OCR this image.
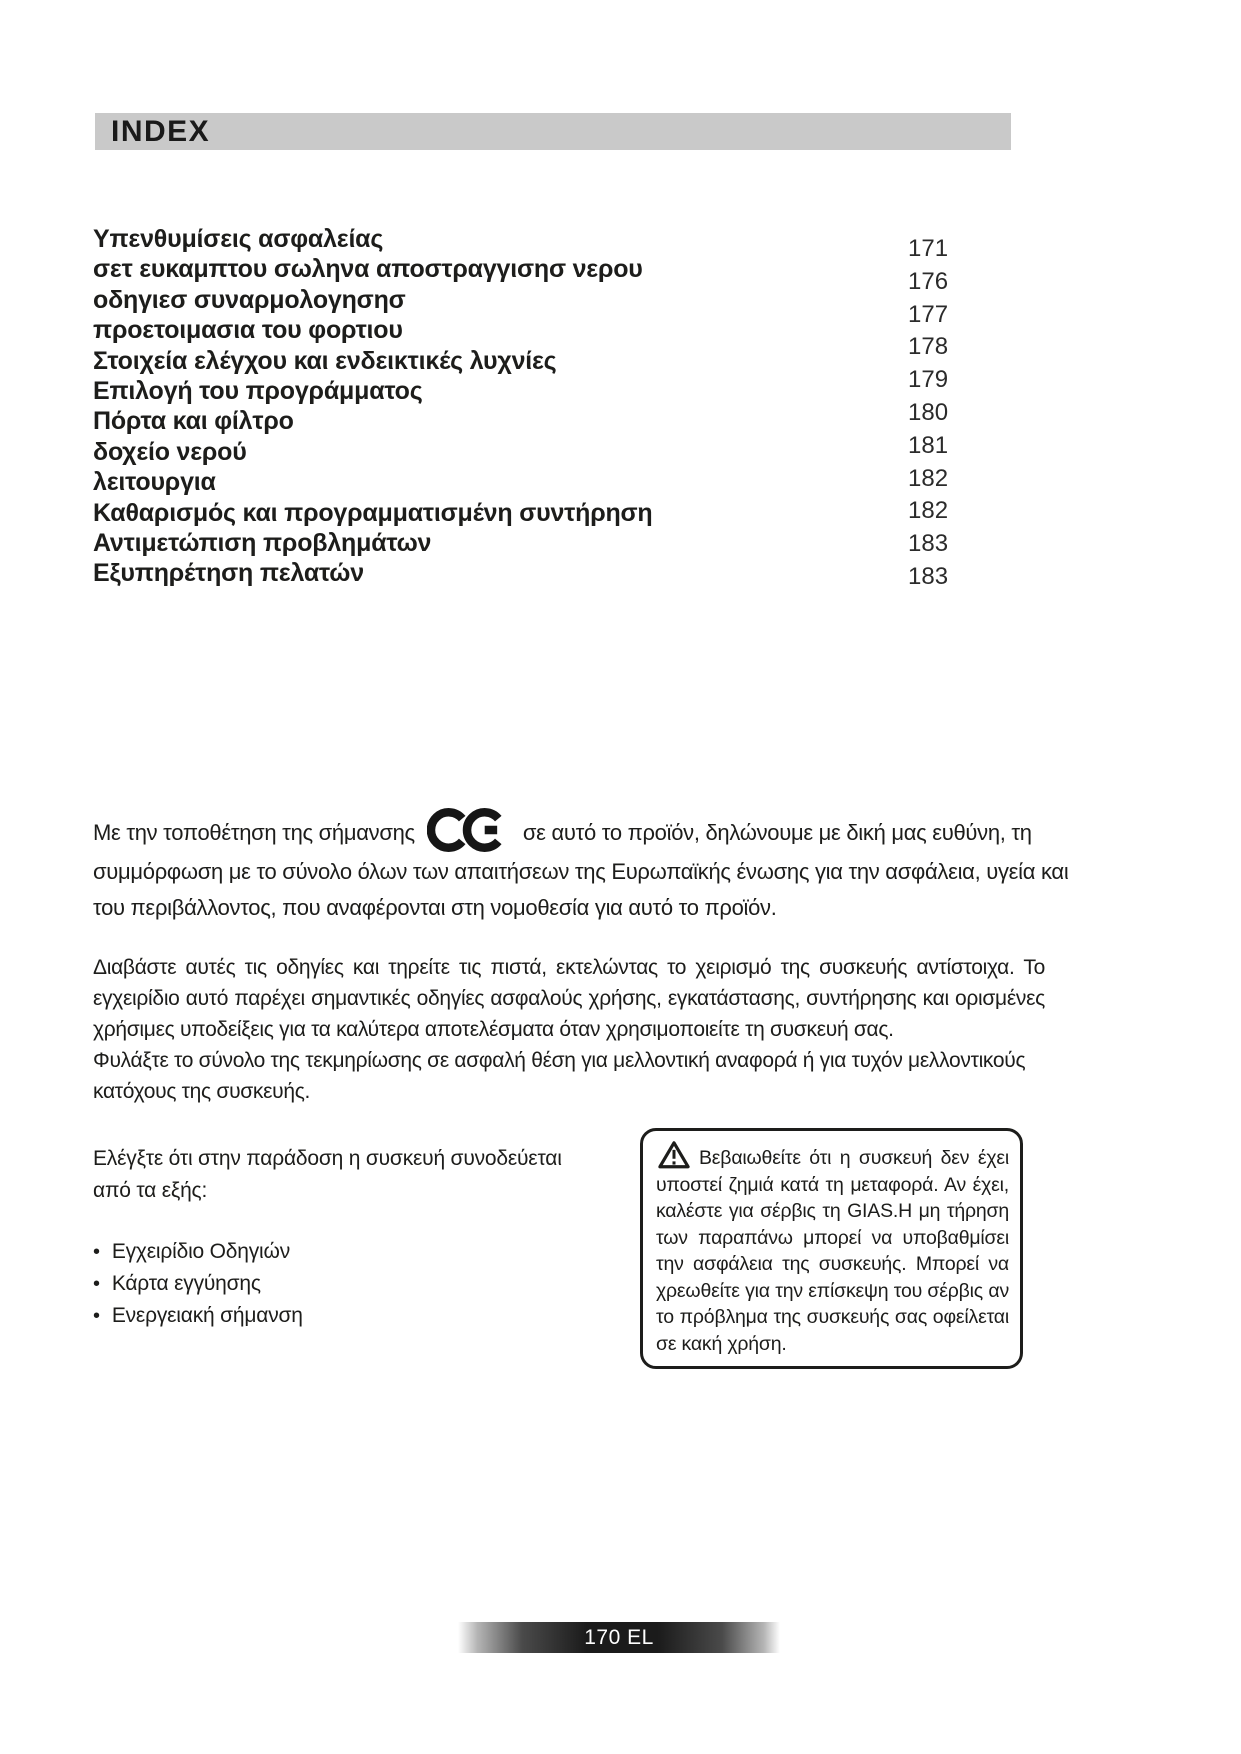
INDEX
Υπενθυμίσεις ασφαλείας
σετ ευκαμπτου σωληνα αποστραγγισησ νερου
οδηγιεσ συναρμολογησησ
προετοιμασια του φορτιου
Στοιχεία ελέγχου και ενδεικτικές λυχνίες
Επιλογή του προγράμματος
Πόρτα και φίλτρο
δοχείο νερού
λειτουργια
Καθαρισμός και προγραμματισμένη συντήρηση
Αντιμετώπιση προβλημάτων
Εξυπηρέτηση πελατών
171
176
177
178
179
180
181
182
182
183
183
Με την τοποθέτηση της σήμανσης	σε αυτό το προϊόν, δηλώνουμε με δική μας ευθύνη, τη συμμόρφωση με το σύνολο όλων των απαιτήσεων της Ευρωπαϊκής ένωσης για την ασφάλεια, υγεία και του περιβάλλοντος, που αναφέρονται στη νομοθεσία για αυτό το προϊόν.

Διαβάστε αυτές τις οδηγίες και τηρείτε τις πιστά, εκτελώντας το χειρισμό της συσκευής αντίστοιχα. Το εγχειρίδιο αυτό παρέχει σημαντικές οδηγίες ασφαλούς χρήσης, εγκατάστασης, συντήρησης και ορισμένες χρήσιμες υποδείξεις για τα καλύτερα αποτελέσματα όταν χρησιμοποιείτε τη συσκευή σας.

Φυλάξτε το σύνολο της τεκμηρίωσης σε ασφαλή θέση για μελλοντική αναφορά ή για τυχόν μελλοντικούς κατόχους της συσκευής.

Ελέγξτε ότι στην παράδοση η συσκευή συνοδεύεται από τα εξής:
• Εγχειρίδιο Οδηγιών
• Κάρτα εγγύησης
• Ενεργειακή σήμανση
Βεβαιωθείτε ότι η συσκευή δεν έχει υποστεί ζημιά κατά τη μεταφορά. Αν έχει, καλέστε για σέρβις τη GIAS.Η μη τήρηση των παραπάνω μπορεί να υποβαθμίσει την ασφάλεια της συσκευής. Μπορεί να χρεωθείτε για την επίσκεψη του σέρβις αν το πρόβλημα της συσκευής σας οφείλεται σε κακή χρήση.
170 EL
